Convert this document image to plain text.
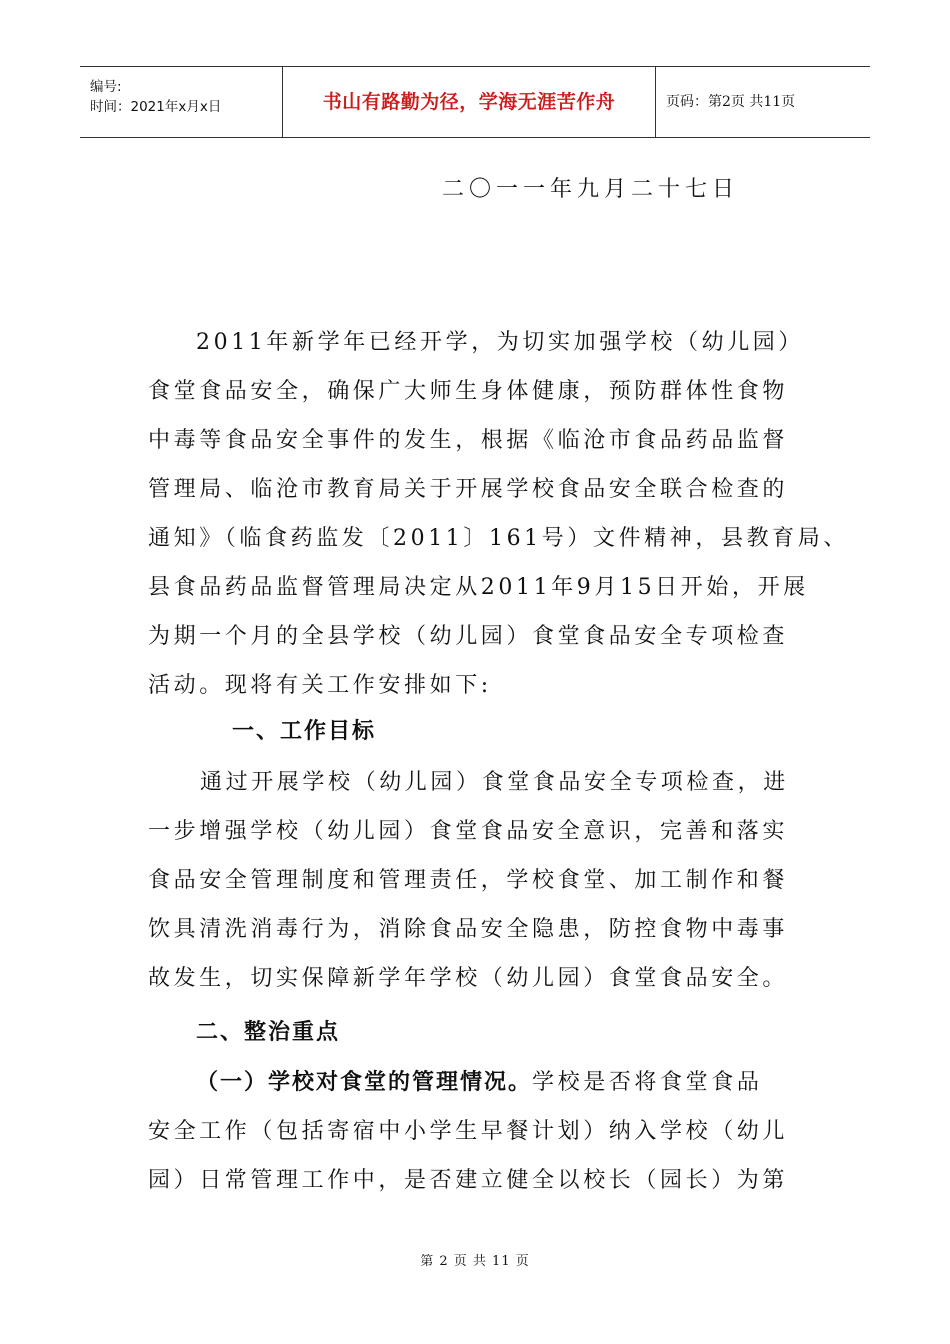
编号:
时间：2021年x月x日	书山有路勤为径，学海无涯苦作舟	页码：第2页 共11页
二〇一一年九月二十七日
2011年新学年已经开学，为切实加强学校（幼儿园）
食堂食品安全，确保广大师生身体健康，预防群体性食物
中毒等食品安全事件的发生，根据《临沧市食品药品监督
管理局、临沧市教育局关于开展学校食品安全联合检查的
通知》（临食药监发〔2011〕161号）文件精神，县教育局、
县食品药品监督管理局决定从2011年9月15日开始，开展
为期一个月的全县学校（幼儿园）食堂食品安全专项检查
活动。现将有关工作安排如下:
一、工作目标
通过开展学校（幼儿园）食堂食品安全专项检查，进
一步增强学校（幼儿园）食堂食品安全意识，完善和落实
食品安全管理制度和管理责任，学校食堂、加工制作和餐
饮具清洗消毒行为，消除食品安全隐患，防控食物中毒事
故发生，切实保障新学年学校（幼儿园）食堂食品安全。
二、整治重点
（一）学校对食堂的管理情况。学校是否将食堂食品
安全工作（包括寄宿中小学生早餐计划）纳入学校（幼儿
园）日常管理工作中，是否建立健全以校长（园长）为第
第 2 页 共 11 页
